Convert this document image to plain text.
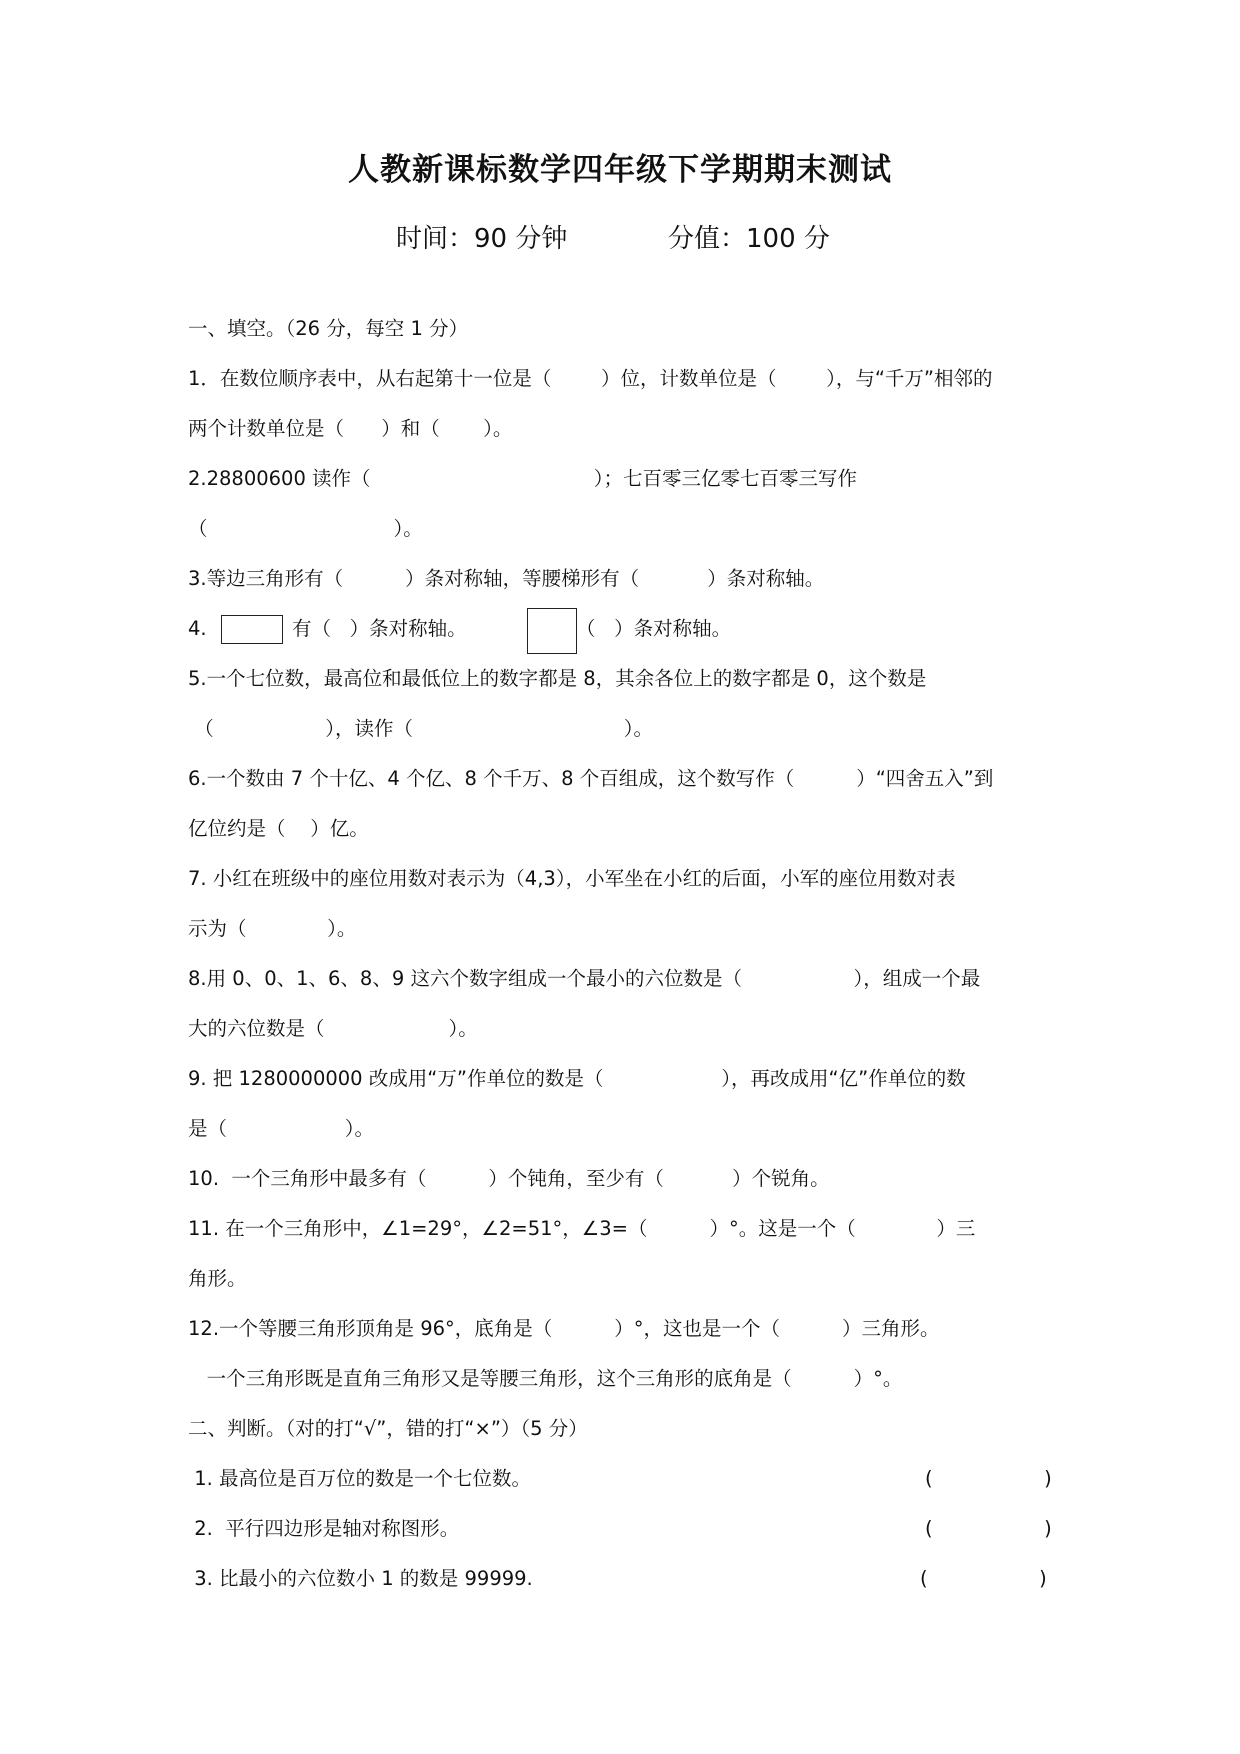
人教新课标数学四年级下学期期末测试
时间：90 分钟	分值：100 分
一、填空。（26 分，每空 1 分）
1．在数位顺序表中，从右起第十一位是（        ）位，计数单位是（        ），与“千万”相邻的
两个计数单位是（      ）和（       ）。
2.28800600 读作（                                    ）；七百零三亿零七百零三写作
（                              ）。
3.等边三角形有（          ）条对称轴，等腰梯形有（           ）条对称轴。
4.	有（   ）条对称轴。	（   ）条对称轴。
5.一个七位数，最高位和最低位上的数字都是 8，其余各位上的数字都是 0，这个数是
（                  ），读作（                                  ）。
6.一个数由 7 个十亿、4 个亿、8 个千万、8 个百组成，这个数写作（          ）“四舍五入”到
亿位约是（    ）亿。
7. 小红在班级中的座位用数对表示为（4,3），小军坐在小红的后面，小军的座位用数对表
示为（             ）。
8.用 0、0、1、6、8、9 这六个数字组成一个最小的六位数是（                  ），组成一个最
大的六位数是（                    ）。
9. 把 1280000000 改成用“万”作单位的数是（                   ），再改成用“亿”作单位的数
是（                   ）。
10.  一个三角形中最多有（          ）个钝角，至少有（           ）个锐角。
11. 在一个三角形中，∠1=29°，∠2=51°，∠3=（          ）°。这是一个（             ）三
角形。
12.一个等腰三角形顶角是 96°，底角是（          ）°，这也是一个（          ）三角形。
一个三角形既是直角三角形又是等腰三角形，这个三角形的底角是（          ）°。
二、判断。（对的打“√”，错的打“×”）（5 分）
1. 最高位是百万位的数是一个七位数。	(                  )
2.  平行四边形是轴对称图形。	(                  )
3. 比最小的六位数小 1 的数是 99999.	(                  )
